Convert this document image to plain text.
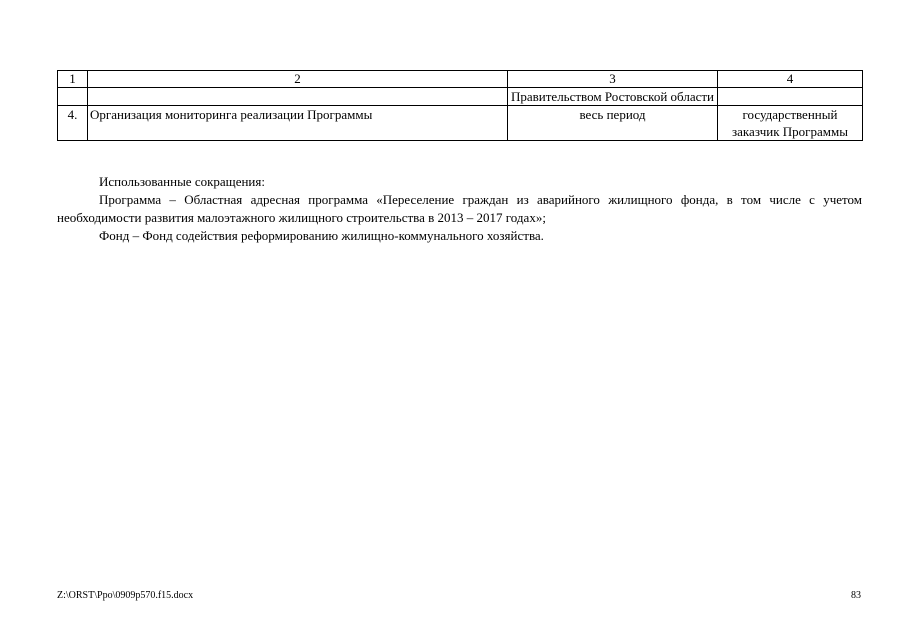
1	2	3	4
		Правительством Ростовской области	
4.	Организация мониторинга реализации Программы	весь период	государственный заказчик Программы

Использованные сокращения:

Программа – Областная адресная программа «Переселение граждан из аварийного жилищного фонда, в том числе с учетом необходимости развития малоэтажного жилищного строительства в 2013 – 2017 годах»;

Фонд – Фонд содействия реформированию жилищно-коммунального хозяйства.

Z:\ORST\Ppo\0909p570.f15.docx	83
